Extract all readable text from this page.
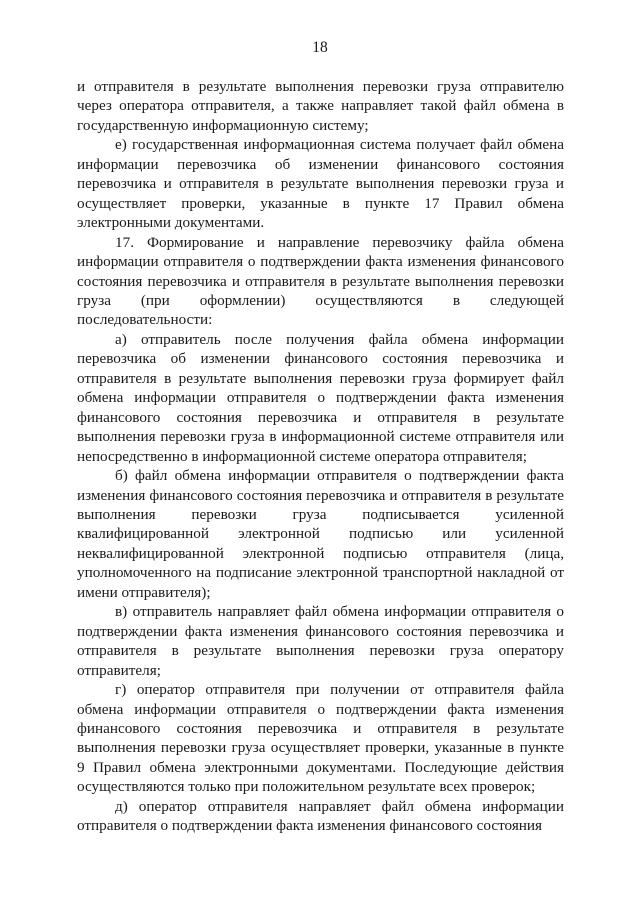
18

и отправителя в результате выполнения перевозки груза отправителю через оператора отправителя, а также направляет такой файл обмена в государственную информационную систему;

е) государственная информационная система получает файл обмена информации перевозчика об изменении финансового состояния перевозчика и отправителя в результате выполнения перевозки груза и осуществляет проверки, указанные в пункте 17 Правил обмена электронными документами.

17. Формирование и направление перевозчику файла обмена информации отправителя о подтверждении факта изменения финансового состояния перевозчика и отправителя в результате выполнения перевозки груза (при оформлении) осуществляются в следующей последовательности:

а) отправитель после получения файла обмена информации перевозчика об изменении финансового состояния перевозчика и отправителя в результате выполнения перевозки груза формирует файл обмена информации отправителя о подтверждении факта изменения финансового состояния перевозчика и отправителя в результате выполнения перевозки груза в информационной системе отправителя или непосредственно в информационной системе оператора отправителя;

б) файл обмена информации отправителя о подтверждении факта изменения финансового состояния перевозчика и отправителя в результате выполнения перевозки груза подписывается усиленной квалифицированной электронной подписью или усиленной неквалифицированной электронной подписью отправителя (лица, уполномоченного на подписание электронной транспортной накладной от имени отправителя);

в) отправитель направляет файл обмена информации отправителя о подтверждении факта изменения финансового состояния перевозчика и отправителя в результате выполнения перевозки груза оператору отправителя;

г) оператор отправителя при получении от отправителя файла обмена информации отправителя о подтверждении факта изменения финансового состояния перевозчика и отправителя в результате выполнения перевозки груза осуществляет проверки, указанные в пункте 9 Правил обмена электронными документами. Последующие действия осуществляются только при положительном результате всех проверок;

д) оператор отправителя направляет файл обмена информации отправителя о подтверждении факта изменения финансового состояния
